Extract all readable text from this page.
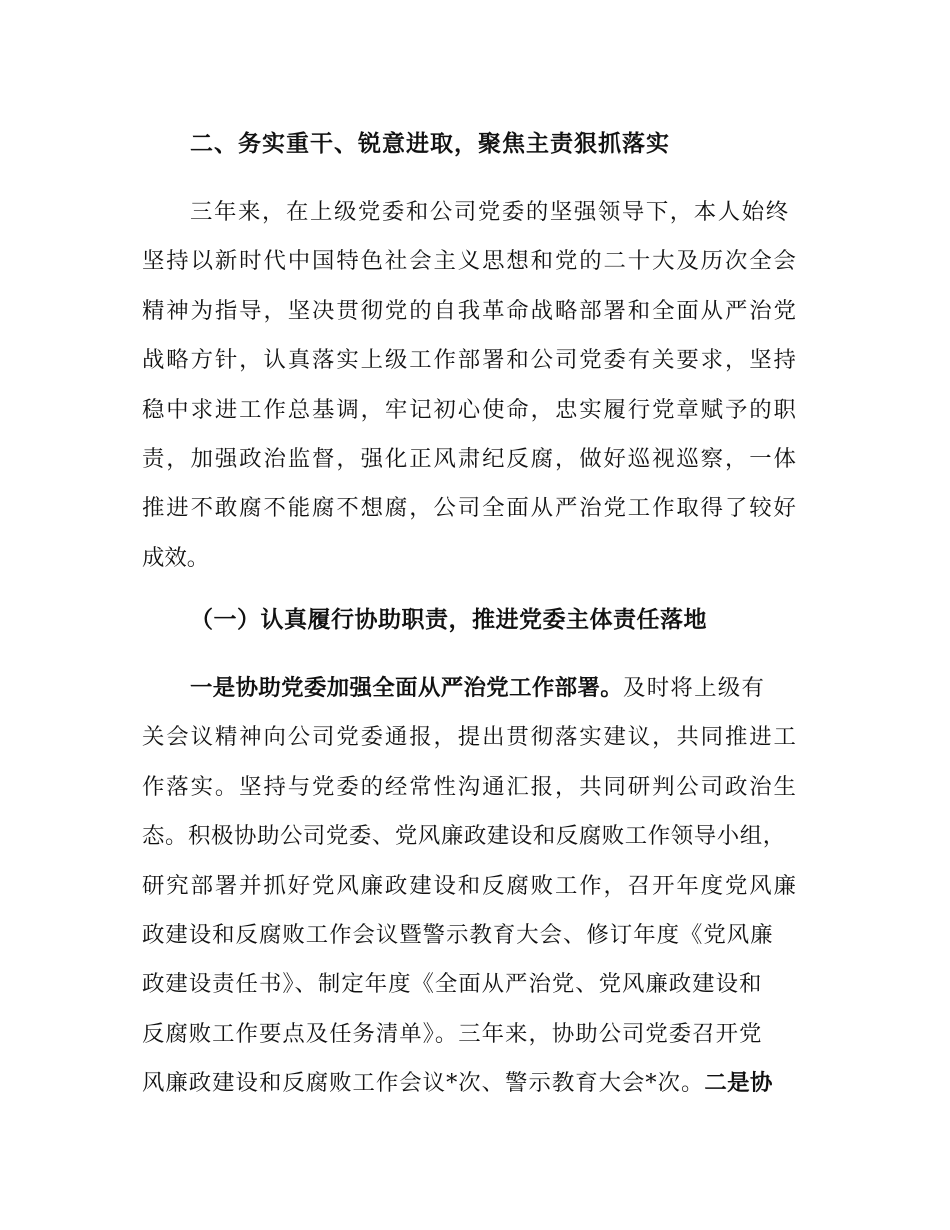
二、务实重干、锐意进取，聚焦主责狠抓落实
三年来，在上级党委和公司党委的坚强领导下，本人始终
坚持以新时代中国特色社会主义思想和党的二十大及历次全会
精神为指导，坚决贯彻党的自我革命战略部署和全面从严治党
战略方针，认真落实上级工作部署和公司党委有关要求，坚持
稳中求进工作总基调，牢记初心使命，忠实履行党章赋予的职
责，加强政治监督，强化正风肃纪反腐，做好巡视巡察，一体
推进不敢腐不能腐不想腐，公司全面从严治党工作取得了较好
成效。
（一）认真履行协助职责，推进党委主体责任落地
一是协助党委加强全面从严治党工作部署。及时将上级有
关会议精神向公司党委通报，提出贯彻落实建议，共同推进工
作落实。坚持与党委的经常性沟通汇报，共同研判公司政治生
态。积极协助公司党委、党风廉政建设和反腐败工作领导小组，
研究部署并抓好党风廉政建设和反腐败工作，召开年度党风廉
政建设和反腐败工作会议暨警示教育大会、修订年度《党风廉
政建设责任书》、制定年度《全面从严治党、党风廉政建设和
反腐败工作要点及任务清单》。三年来，协助公司党委召开党
风廉政建设和反腐败工作会议*次、警示教育大会*次。二是协
